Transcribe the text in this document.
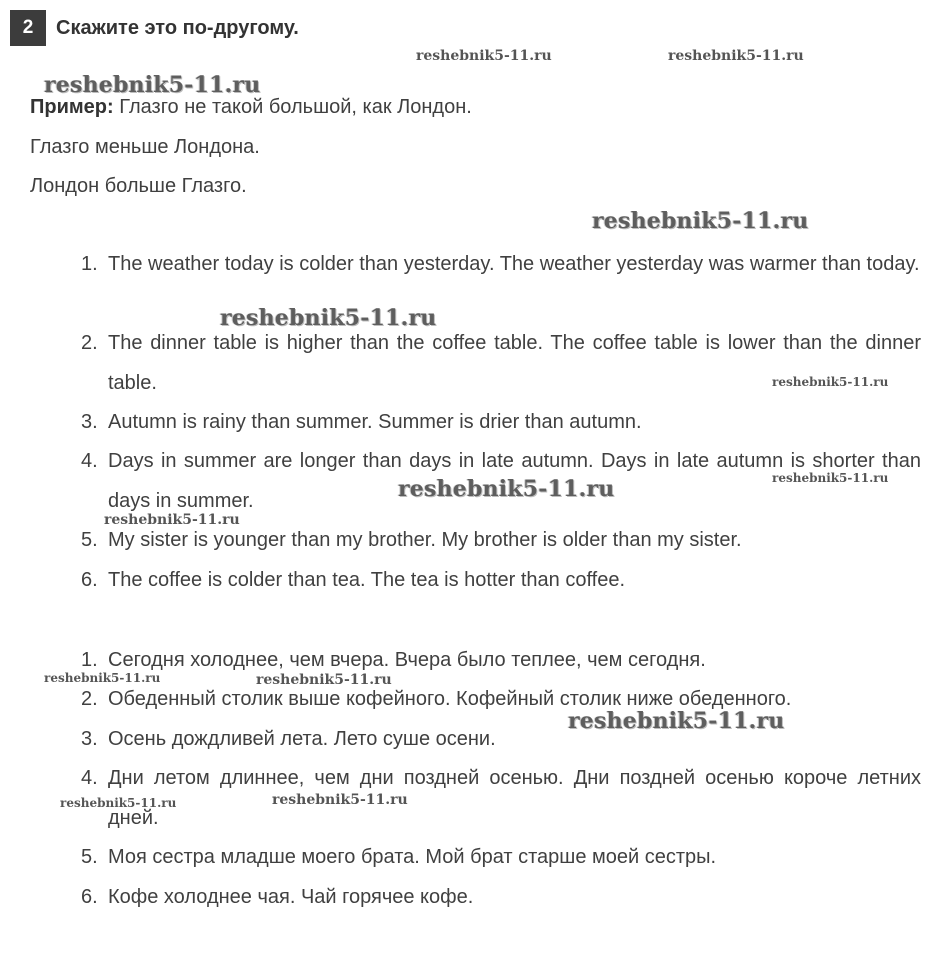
2	Скажите это по-другому.
Пример: Глазго не такой большой, как Лондон.
Глазго меньше Лондона.
Лондон больше Глазго.
1. The weather today is colder than yesterday. The weather yesterday was warmer than today.
2. The dinner table is higher than the coffee table. The coffee table is lower than the dinner table.
3. Autumn is rainy than summer. Summer is drier than autumn.
4. Days in summer are longer than days in late autumn. Days in late autumn is shorter than days in summer.
5. My sister is younger than my brother. My brother is older than my sister.
6. The coffee is colder than tea. The tea is hotter than coffee.
1. Сегодня холоднее, чем вчера. Вчера было теплее, чем сегодня.
2. Обеденный столик выше кофейного. Кофейный столик ниже обеденного.
3. Осень дождливей лета. Лето суше осени.
4. Дни летом длиннее, чем дни поздней осенью. Дни поздней осенью короче летних дней.
5. Моя сестра младше моего брата. Мой брат старше моей сестры.
6. Кофе холоднее чая. Чай горячее кофе.
reshebnik5-11.ru	reshebnik5-11.ru
reshebnik5-11.ru
reshebnik5-11.ru
reshebnik5-11.ru
reshebnik5-11.ru
reshebnik5-11.ru
reshebnik5-11.ru
reshebnik5-11.ru
reshebnik5-11.ru	reshebnik5-11.ru
reshebnik5-11.ru
reshebnik5-11.ru	reshebnik5-11.ru
